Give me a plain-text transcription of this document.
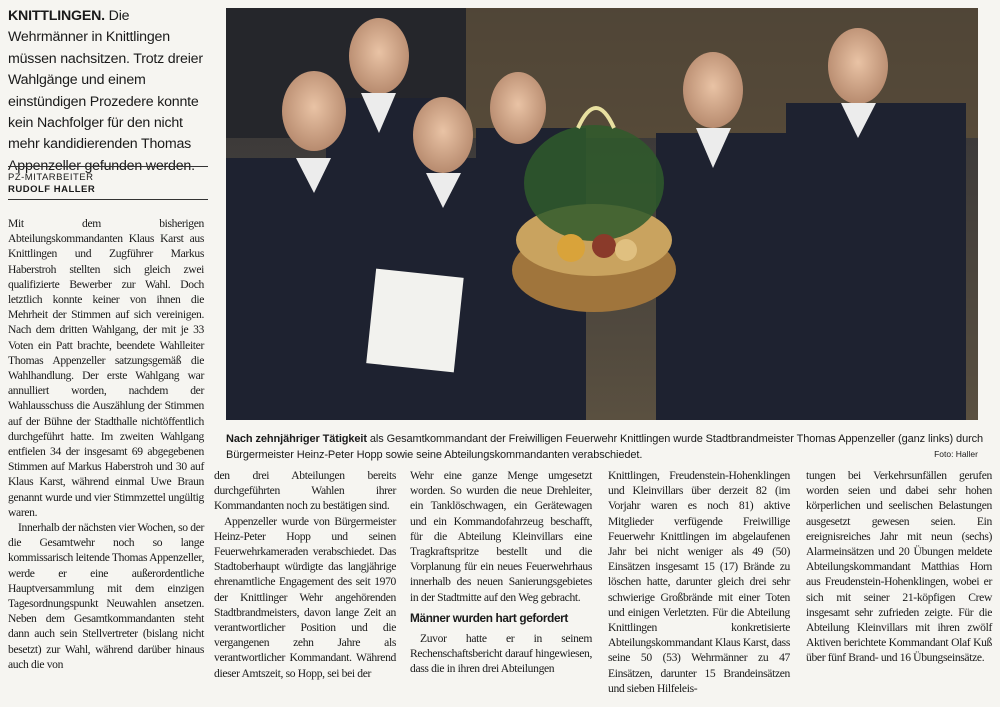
KNITTLINGEN. Die Wehrmänner in Knittlingen müssen nachsitzen. Trotz dreier Wahlgänge und einem einstündigen Prozedere konnte kein Nachfolger für den nicht mehr kandidierenden Thomas Appenzeller gefunden werden.
PZ-MITARBEITER
RUDOLF HALLER

Mit dem bisherigen Abteilungskommandanten Klaus Karst aus Knittlingen und Zugführer Markus Haberstroh stellten sich gleich zwei qualifizierte Bewerber zur Wahl. Doch letztlich konnte keiner von ihnen die Mehrheit der Stimmen auf sich vereinigen. Nach dem dritten Wahlgang, der mit je 33 Voten ein Patt brachte, beendete Wahlleiter Thomas Appenzeller satzungsgemäß die Wahlhandlung. Der erste Wahlgang war annulliert worden, nachdem der Wahlausschuss die Auszählung der Stimmen auf der Bühne der Stadthalle nichtöffentlich durchgeführt hatte. Im zweiten Wahlgang entfielen 34 der insgesamt 69 abgegebenen Stimmen auf Markus Haberstroh und 30 auf Klaus Karst, während einmal Uwe Braun genannt wurde und vier Stimmzettel ungültig waren.

Innerhalb der nächsten vier Wochen, so der die Gesamtwehr noch so lange kommissarisch leitende Thomas Appenzeller, werde er eine außerordentliche Hauptversammlung mit dem einzigen Tagesordnungspunkt Neuwahlen ansetzen. Neben dem Gesamtkommandanten steht dann auch sein Stellvertreter (bislang nicht besetzt) zur Wahl, während darüber hinaus auch die von

Nach zehnjähriger Tätigkeit als Gesamtkommandant der Freiwilligen Feuerwehr Knittlingen wurde Stadtbrandmeister Thomas Appenzeller (ganz links) durch Bürgermeister Heinz-Peter Hopp sowie seine Abteilungskommandanten verabschiedet.	Foto: Haller

den drei Abteilungen bereits durchgeführten Wahlen ihrer Kommandanten noch zu bestätigen sind.

Appenzeller wurde von Bürgermeister Heinz-Peter Hopp und seinen Feuerwehrkameraden verabschiedet. Das Stadtoberhaupt würdigte das langjährige ehrenamtliche Engagement des seit 1970 der Knittlinger Wehr angehörenden Stadtbrandmeisters, davon lange Zeit an verantwortlicher Position und die vergangenen zehn Jahre als verantwortlicher Kommandant. Während dieser Amtszeit, so Hopp, sei bei der

Wehr eine ganze Menge umgesetzt worden. So wurden die neue Drehleiter, ein Tanklöschwagen, ein Gerätewagen und ein Kommandofahrzeug beschafft, für die Abteilung Kleinvillars eine Tragkraftspritze bestellt und die Vorplanung für ein neues Feuerwehrhaus innerhalb des neuen Sanierungsgebietes in der Stadtmitte auf den Weg gebracht.

Männer wurden hart gefordert

Zuvor hatte er in seinem Rechenschaftsbericht darauf hingewiesen, dass die in ihren drei Abteilungen

Knittlingen, Freudenstein-Hohenklingen und Kleinvillars über derzeit 82 (im Vorjahr waren es noch 81) aktive Mitglieder verfügende Freiwillige Feuerwehr Knittlingen im abgelaufenen Jahr bei nicht weniger als 49 (50) Einsätzen insgesamt 15 (17) Brände zu löschen hatte, darunter gleich drei sehr schwierige Großbrände mit einer Toten und einigen Verletzten. Für die Abteilung Knittlingen konkretisierte Abteilungskommandant Klaus Karst, dass seine 50 (53) Wehrmänner zu 47 Einsätzen, darunter 15 Brandeinsätzen und sieben Hilfeleis-

tungen bei Verkehrsunfällen gerufen worden seien und dabei sehr hohen körperlichen und seelischen Belastungen ausgesetzt gewesen seien. Ein ereignisreiches Jahr mit neun (sechs) Alarmeinsätzen und 20 Übungen meldete Abteilungskommandant Matthias Horn aus Freudenstein-Hohenklingen, wobei er sich mit seiner 21-köpfigen Crew insgesamt sehr zufrieden zeigte. Für die Abteilung Kleinvillars mit ihren zwölf Aktiven berichtete Kommandant Olaf Kuß über fünf Brand- und 16 Übungseinsätze.
